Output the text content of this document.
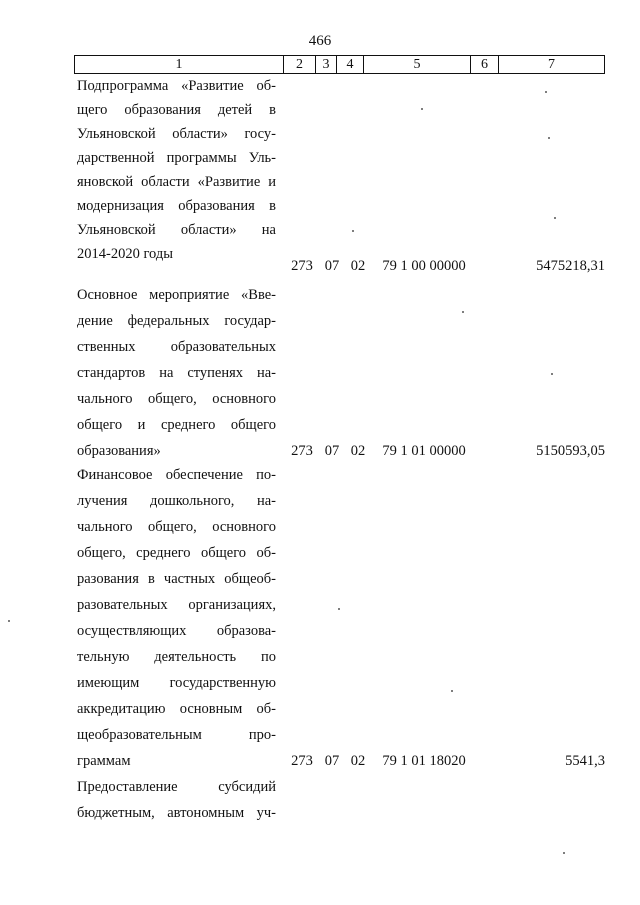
466
1	2	3	4	5	6	7
Подпрограмма «Развитие об-
щего образования детей в
Ульяновской области» госу-
дарственной программы Уль-
яновской области «Развитие и
модернизация образования в
Ульяновской области» на
2014-2020 годы
273 07 02	79 1 00 00000	5475218,31
Основное мероприятие «Вве-
дение федеральных государ-
ственных образовательных
стандартов на ступенях на-
чального общего, основного
общего и среднего общего
образования»	273 07 02	79 1 01 00000	5150593,05
Финансовое обеспечение по-
лучения дошкольного, на-
чального общего, основного
общего, среднего общего об-
разования в частных общеоб-
разовательных организациях,
осуществляющих образова-
тельную деятельность по
имеющим государственную
аккредитацию основным об-
щеобразовательным про-
граммам	273 07 02	79 1 01 18020	5541,3
Предоставление субсидий
бюджетным, автономным уч-
